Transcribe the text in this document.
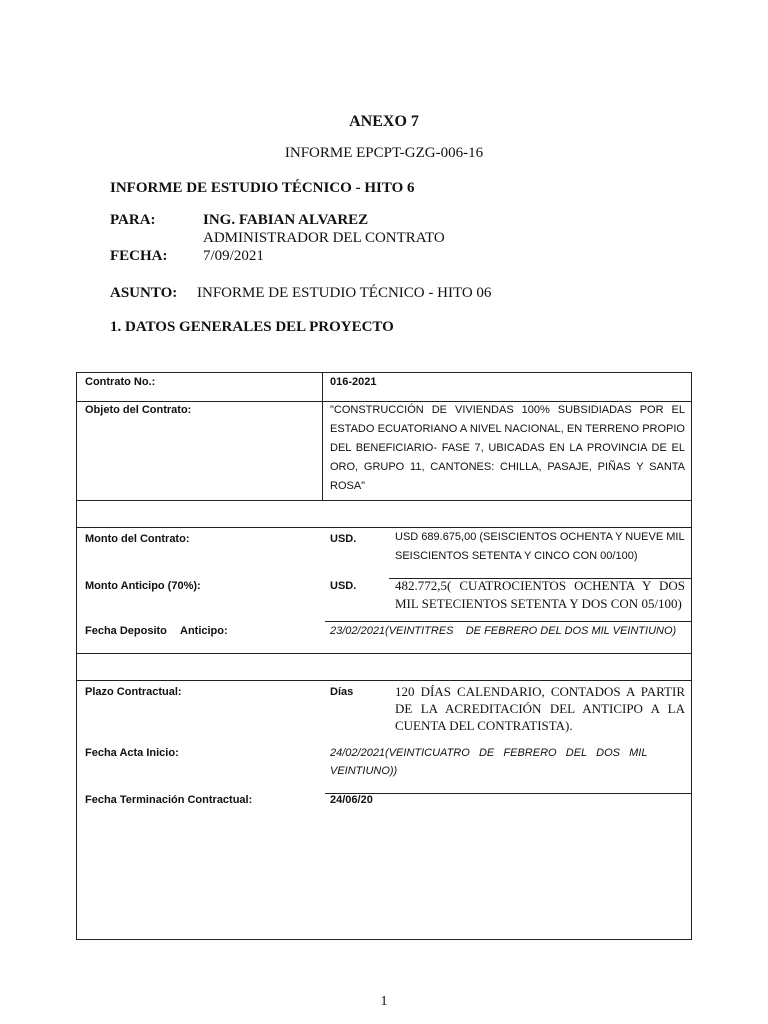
ANEXO 7
INFORME EPCPT-GZG-006-16
INFORME DE ESTUDIO TÉCNICO - HITO 6
PARA:	ING. FABIAN ALVAREZ
ADMINISTRADOR DEL CONTRATO
FECHA: 7/09/2021
ASUNTO: INFORME DE ESTUDIO TÉCNICO - HITO 06
1. DATOS GENERALES DEL PROYECTO
Contrato No.:	016-2021
Objeto del Contrato:	"CONSTRUCCIÓN DE VIVIENDAS 100% SUBSIDIADAS POR EL
ESTADO ECUATORIANO A NIVEL NACIONAL, EN TERRENO PROPIO
DEL BENEFICIARIO- FASE 7, UBICADAS EN LA PROVINCIA DE EL
ORO, GRUPO 11, CANTONES: CHILLA, PASAJE, PIÑAS Y SANTA
ROSA"
Monto del Contrato:	USD.	USD 689.675,00 (SEISCIENTOS OCHENTA Y NUEVE MIL
SEISCIENTOS SETENTA Y CINCO CON 00/100)
Monto Anticipo (70%):	USD.	482.772,5( CUATROCIENTOS OCHENTA Y DOS
MIL SETECIENTOS SETENTA Y DOS CON 05/100)
Fecha Deposito Anticipo:	23/02/2021(VEINTITRES    DE FEBRERO DEL DOS MIL VEINTIUNO)
Plazo Contractual:	Días	120 DÍAS CALENDARIO, CONTADOS A PARTIR
DE LA ACREDITACIÓN DEL ANTICIPO A LA
CUENTA DEL CONTRATISTA).
Fecha Acta Inicio:	24/02/2021(VEINTICUATRO   DE   FEBRERO   DEL   DOS   MIL
VEINTIUNO))
Fecha Terminación Contractual:	24/06/20
1
